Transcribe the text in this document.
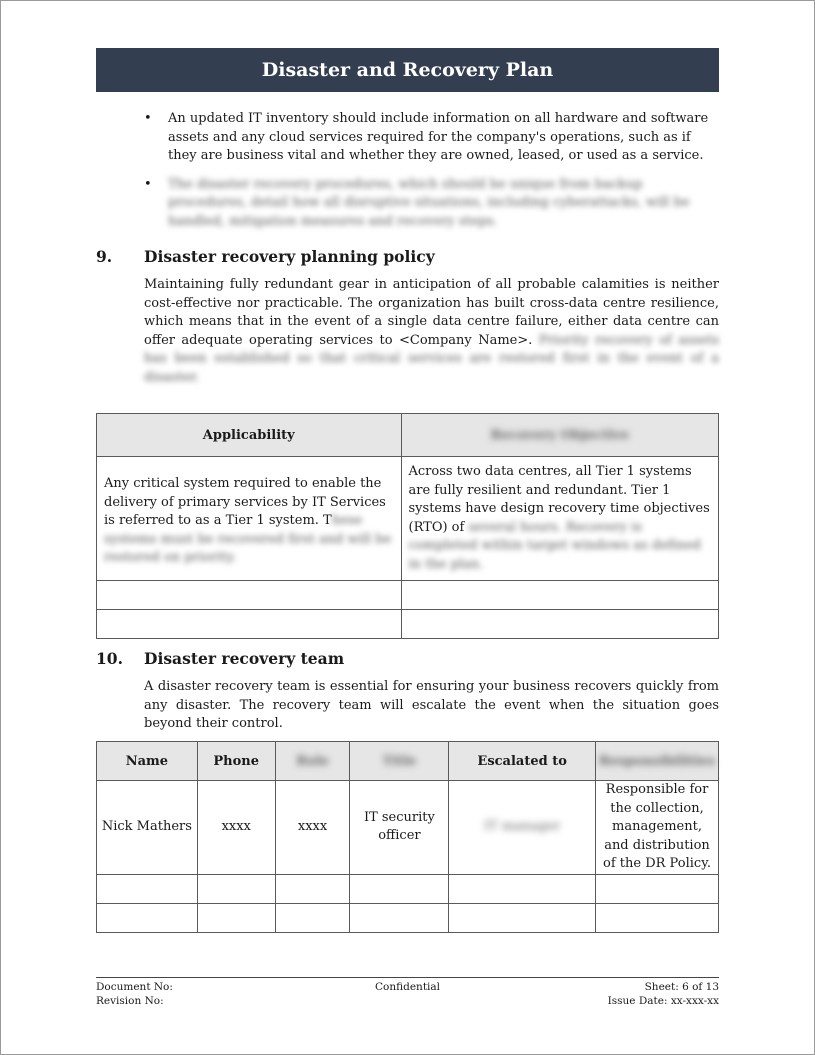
Disaster and Recovery Plan
• An updated IT inventory should include information on all hardware and software assets and any cloud services required for the company's operations, such as if they are business vital and whether they are owned, leased, or used as a service.
• The disaster recovery procedures, which should be unique from backup procedures, detail how all disruptive situations, including cyberattacks, will be handled, mitigation measures and recovery steps.
9.	Disaster recovery planning policy
Maintaining fully redundant gear in anticipation of all probable calamities is neither cost-effective nor practicable. The organization has built cross-data centre resilience, which means that in the event of a single data centre failure, either data centre can offer adequate operating services to <Company Name>. Priority recovery of assets has been established so that critical services are restored first in the event of a disaster.
Applicability	Recovery Objective

Any critical system required to enable the delivery of primary services by IT Services is referred to as a Tier 1 system. These systems must be recovered first and will be restored on priority.	Across two data centres, all Tier 1 systems are fully resilient and redundant. Tier 1 systems have design recovery time objectives (RTO) of several hours. Recovery is completed within target windows as defined in the plan.

10.	Disaster recovery team
A disaster recovery team is essential for ensuring your business recovers quickly from any disaster. The recovery team will escalate the event when the situation goes beyond their control.
Name	Phone	Role	Title	Escalated to	Responsibilities
Nick Mathers	xxxx	xxxx	IT security officer	IT manager	Responsible for the collection, management, and distribution of the DR Policy.

Document No:	Confidential	Sheet: 6 of 13
Revision No:	Issue Date: xx-xxx-xx
